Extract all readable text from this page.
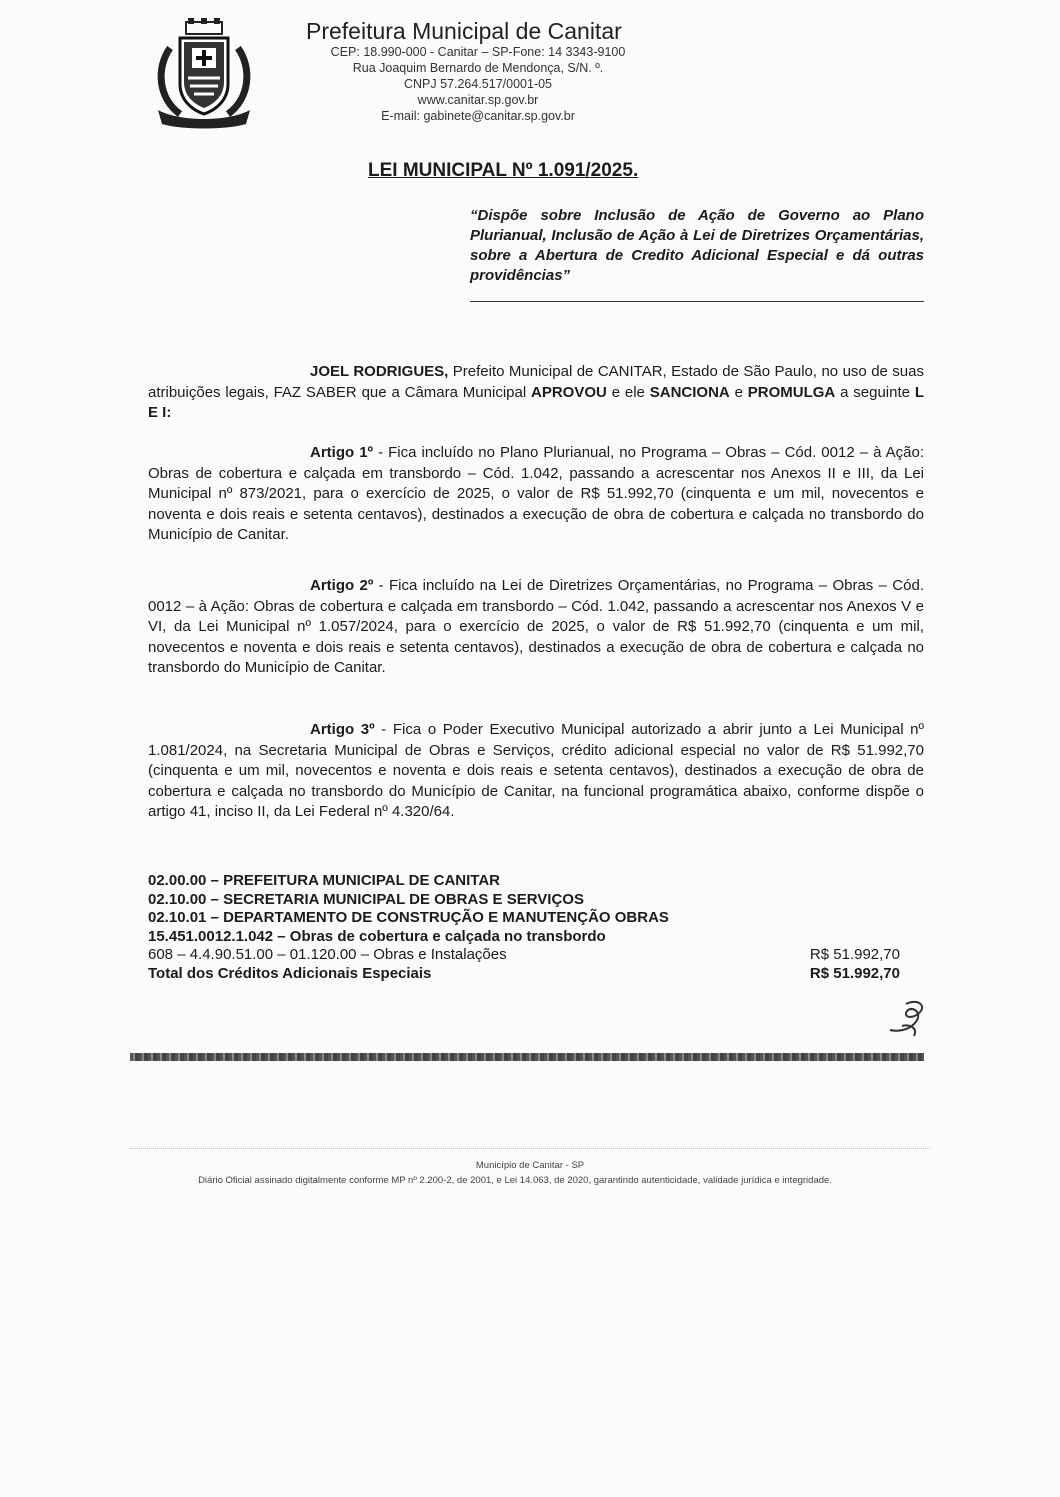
Prefeitura Municipal de Canitar
CEP: 18.990-000 - Canitar – SP-Fone: 14 3343-9100
Rua Joaquim Bernardo de Mendonça, S/N. º.
CNPJ 57.264.517/0001-05
www.canitar.sp.gov.br
E-mail: gabinete@canitar.sp.gov.br
LEI MUNICIPAL Nº 1.091/2025.
“Dispõe sobre Inclusão de Ação de Governo ao Plano Plurianual, Inclusão de Ação à Lei de Diretrizes Orçamentárias, sobre a Abertura de Credito Adicional Especial e dá outras providências”
JOEL RODRIGUES, Prefeito Municipal de CANITAR, Estado de São Paulo, no uso de suas atribuições legais, FAZ SABER que a Câmara Municipal APROVOU e ele SANCIONA e PROMULGA a seguinte L E I:
Artigo 1º - Fica incluído no Plano Plurianual, no Programa – Obras – Cód. 0012 – à Ação: Obras de cobertura e calçada em transbordo – Cód. 1.042, passando a acrescentar nos Anexos II e III, da Lei Municipal nº 873/2021, para o exercício de 2025, o valor de R$ 51.992,70 (cinquenta e um mil, novecentos e noventa e dois reais e setenta centavos), destinados a execução de obra de cobertura e calçada no transbordo do Município de Canitar.
Artigo 2º - Fica incluído na Lei de Diretrizes Orçamentárias, no Programa – Obras – Cód. 0012 – à Ação: Obras de cobertura e calçada em transbordo – Cód. 1.042, passando a acrescentar nos Anexos V e VI, da Lei Municipal nº 1.057/2024, para o exercício de 2025, o valor de R$ 51.992,70 (cinquenta e um mil, novecentos e noventa e dois reais e setenta centavos), destinados a execução de obra de cobertura e calçada no transbordo do Município de Canitar.
Artigo 3º - Fica o Poder Executivo Municipal autorizado a abrir junto a Lei Municipal nº 1.081/2024, na Secretaria Municipal de Obras e Serviços, crédito adicional especial no valor de R$ 51.992,70 (cinquenta e um mil, novecentos e noventa e dois reais e setenta centavos), destinados a execução de obra de cobertura e calçada no transbordo do Município de Canitar, na funcional programática abaixo, conforme dispõe o artigo 41, inciso II, da Lei Federal nº 4.320/64.
02.00.00 – PREFEITURA MUNICIPAL DE CANITAR
02.10.00 – SECRETARIA MUNICIPAL DE OBRAS E SERVIÇOS
02.10.01 – DEPARTAMENTO DE CONSTRUÇÃO E MANUTENÇÃO OBRAS
15.451.0012.1.042 – Obras de cobertura e calçada no transbordo
608 – 4.4.90.51.00 – 01.120.00 – Obras e Instalações	R$ 51.992,70
Total dos Créditos Adicionais Especiais	R$ 51.992,70
Município de Canitar - SP
Diário Oficial assinado digitalmente conforme MP nº 2.200-2, de 2001, e Lei 14.063, de 2020, garantindo autenticidade, validade jurídica e integridade.
